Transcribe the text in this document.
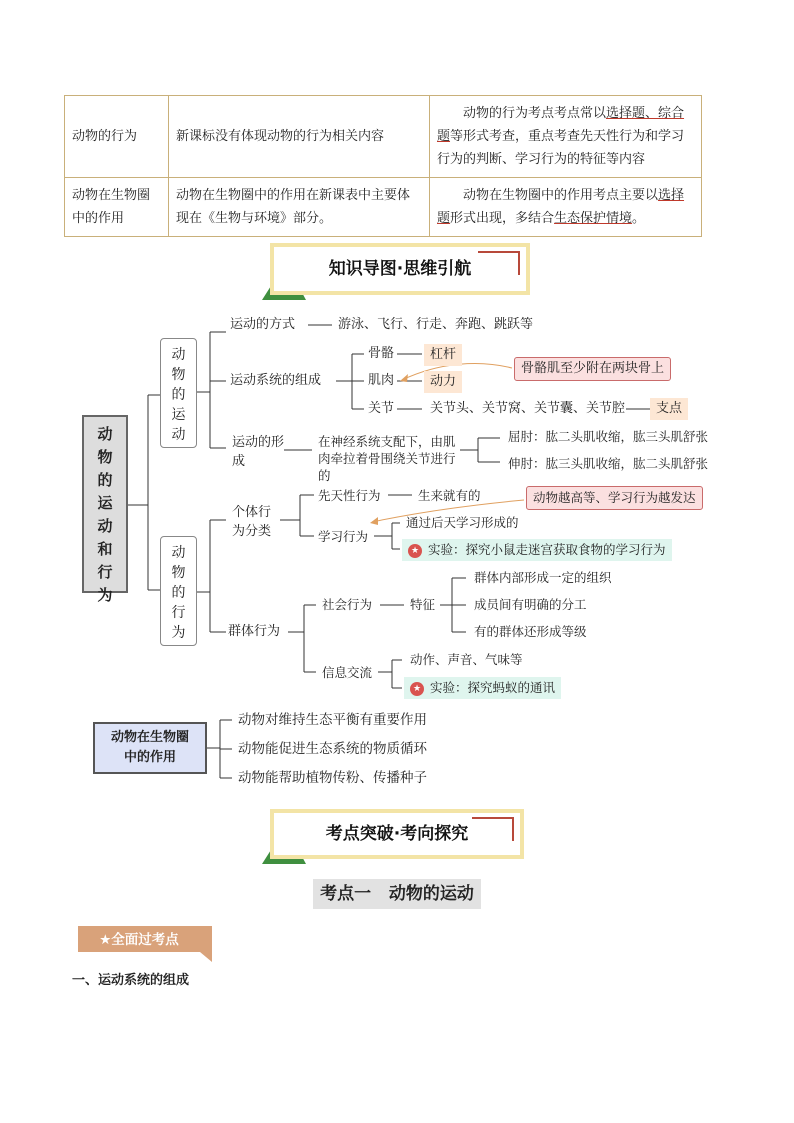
动物的行为	新课标没有体现动物的行为相关内容	动物的行为考点考点常以选择题、综合题等形式考查，重点考查先天性行为和学习行为的判断、学习行为的特征等内容
动物在生物圈中的作用	动物在生物圈中的作用在新课表中主要体现在《生物与环境》部分。	动物在生物圈中的作用考点主要以选择题形式出现，多结合生态保护情境。
知识导图·思维引航
动物的运动和行为
动物的运动
动物的行为
运动的方式	游泳、飞行、行走、奔跑、跳跃等
运动系统的组成
骨骼	杠杆
肌肉	动力
关节	关节头、关节窝、关节囊、关节腔	支点
骨骼肌至少附在两块骨上
运动的形成
在神经系统支配下，由肌肉牵拉着骨围绕关节进行的
屈肘：肱二头肌收缩，肱三头肌舒张
伸肘：肱三头肌收缩，肱二头肌舒张
个体行为分类
先天性行为	生来就有的	动物越高等、学习行为越发达
学习行为
通过后天学习形成的
★ 实验：探究小鼠走迷宫获取食物的学习行为
群体行为
社会行为	特征
群体内部形成一定的组织
成员间有明确的分工
有的群体还形成等级
信息交流
动作、声音、气味等
★ 实验：探究蚂蚁的通讯
动物在生物圈中的作用
动物对维持生态平衡有重要作用
动物能促进生态系统的物质循环
动物能帮助植物传粉、传播种子
考点突破·考向探究
考点一   动物的运动
★全面过考点
一、运动系统的组成
